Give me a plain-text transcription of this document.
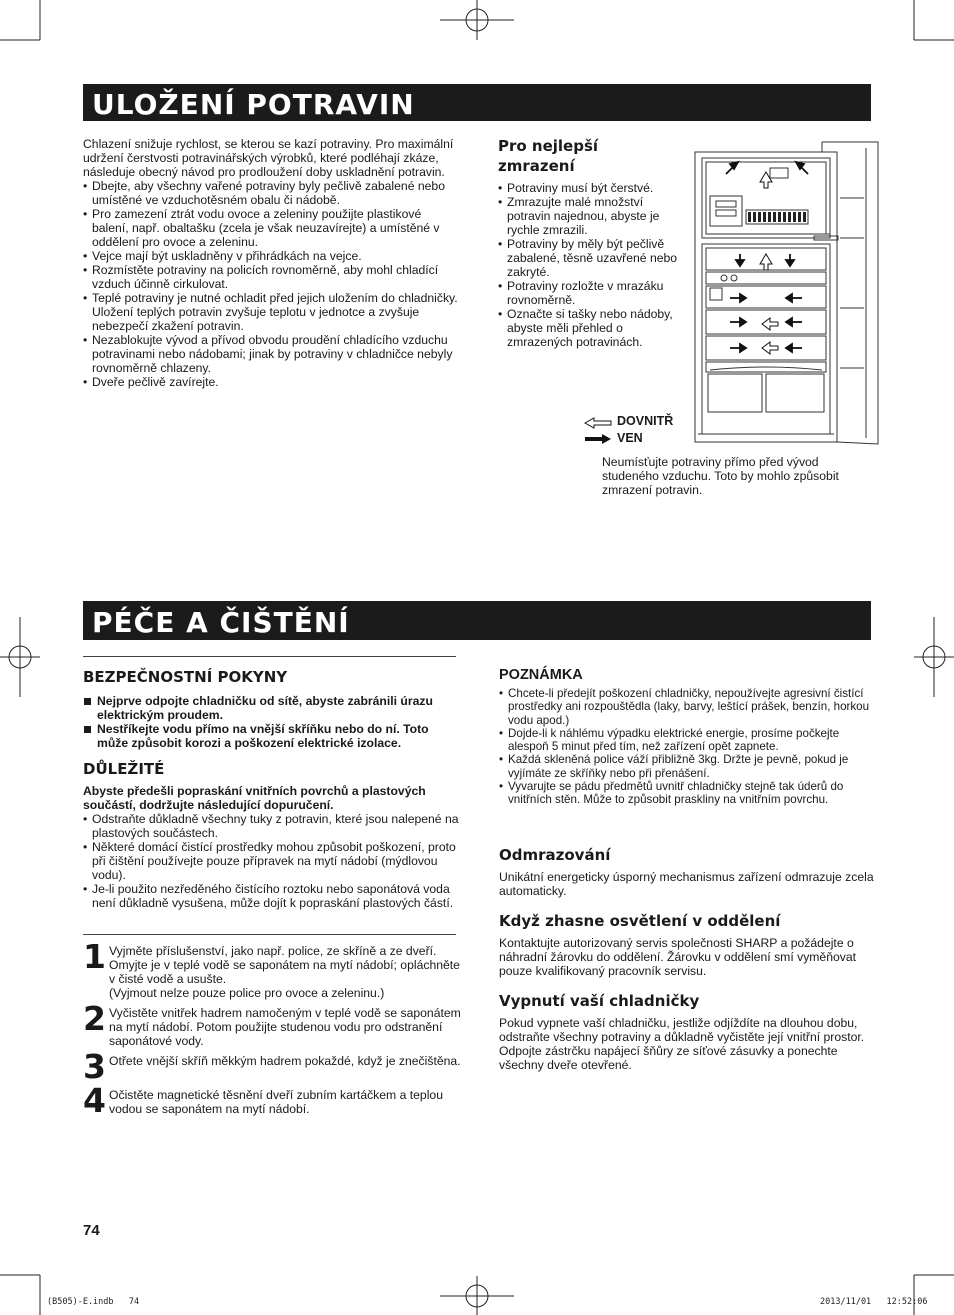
ULOŽENÍ POTRAVIN
Chlazení snižuje rychlost, se kterou se kazí potraviny. Pro maximální udržení čerstvosti potravinářských výrobků, které podléhají zkáze, následuje obecný návod pro prodloužení doby uskladnění potravin.
• Dbejte, aby všechny vařené potraviny byly pečlivě zabalené nebo umístěné ve vzduchotěsném obalu či nádobě.
• Pro zamezení ztrát vodu ovoce a zeleniny použijte plastikové balení, např. obaltašku (zcela je však neuzavírejte) a umístěné v oddělení pro ovoce a zeleninu.
• Vejce mají být uskladněny v přihrádkách na vejce.
• Rozmístěte potraviny na policích rovnoměrně, aby mohl chladící vzduch účinně cirkulovat.
• Teplé potraviny je nutné ochladit před jejich uložením do chladničky. Uložení teplých potravin zvyšuje teplotu v jednotce a zvyšuje nebezpečí zkažení potravin.
• Nezablokujte vývod a přívod obvodu proudění chladícího vzduchu potravinami nebo nádobami; jinak by potraviny v chladničce nebyly rovnoměrně chlazeny.
• Dveře pečlivě zavírejte.
Pro nejlepší zmrazení
• Potraviny musí být čerstvé.
• Zmrazujte malé množství potravin najednou, abyste je rychle zmrazili.
• Potraviny by měly být pečlivě zabalené, těsně uzavřené nebo zakryté.
• Potraviny rozložte v mrazáku rovnoměrně.
• Označte si tašky nebo nádoby, abyste měli přehled o zmrazených potravinách.
DOVNITŘ
VEN
Neumísťujte potraviny přímo před vývod studeného vzduchu. Toto by mohlo způsobit zmrazení potravin.
PÉČE A ČIŠTĚNÍ
BEZPEČNOSTNÍ POKYNY
Nejprve odpojte chladničku od sítě, abyste zabránili úrazu elektrickým proudem.
Nestříkejte vodu přímo na vnější skříňku nebo do ní. Toto může způsobit korozi a poškození elektrické izolace.
DŮLEŽITÉ
Abyste předešli popraskání vnitřních povrchů a plastových součástí, dodržujte následující dopuručení.
• Odstraňte důkladně všechny tuky z potravin, které jsou nalepené na plastových součástech.
• Některé domácí čistící prostředky mohou způsobit poškození, proto při čištění používejte pouze přípravek na mytí nádobí (mýdlovou vodu).
• Je-li použito nezředěného čistícího roztoku nebo saponátová voda není důkladně vysušena, může dojít k popraskání plastových částí.
1 Vyjměte příslušenství, jako např. police, ze skříně a ze dveří. Omyjte je v teplé vodě se saponátem na mytí nádobí; opláchněte v čisté vodě a usušte.
(Vyjmout nelze pouze police pro ovoce a zeleninu.)
2 Vyčistěte vnitřek hadrem namočeným v teplé vodě se saponátem na mytí nádobí. Potom použijte studenou vodu pro odstranění saponátové vody.
3 Otřete vnější skříň měkkým hadrem pokaždé, když je znečištěna.
4 Očistěte magnetické těsnění dveří zubním kartáčkem a teplou vodou se saponátem na mytí nádobí.
POZNÁMKA
• Chcete-li předejít poškození chladničky, nepoužívejte agresivní čistící prostředky ani rozpouštědla (laky, barvy, leštící prášek, benzín, horkou vodu apod.)
• Dojde-li k náhlému výpadku elektrické energie, prosíme počkejte alespoň 5 minut před tím, než zařízení opět zapnete.
• Každá skleněná police váží přibližně 3kg. Držte je pevně, pokud je vyjímáte ze skříňky nebo při přenášení.
• Vyvarujte se pádu předmětů uvnitř chladničky stejně tak úderů do vnitřních stěn. Může to způsobit praskliny na vnitřním povrchu.
Odmrazování
Unikátní energeticky úsporný mechanismus zařízení odmrazuje zcela automaticky.
Když zhasne osvětlení v oddělení
Kontaktujte autorizovaný servis společnosti SHARP a požádejte o náhradní žárovku do oddělení. Žárovku v oddělení smí vyměňovat pouze kvalifikovaný pracovník servisu.
Vypnutí vaší chladničky
Pokud vypnete vaší chladničku, jestliže odjíždíte na dlouhou dobu, odstraňte všechny potraviny a důkladně vyčistěte její vnitřní prostor. Odpojte zástrčku napájecí šňůry ze síťové zásuvky a ponechte všechny dveře otevřené.
74
(B505)-E.indb   74	2013/11/01   12:52:06
